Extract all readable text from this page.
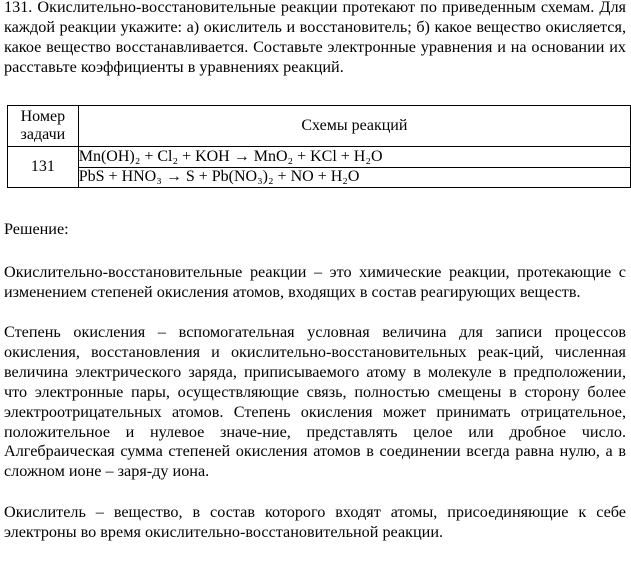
131. Окислительно-восстановительные реакции протекают по приведенным схемам. Для каждой реакции укажите: а) окислитель и восстановитель; б) какое вещество окисляется, какое вещество восстанавливается. Составьте электронные уравнения и на основании их расставьте коэффициенты в уравнениях реакций.

Номер задачи	Схемы реакций
131	Mn(OH)₂ + Cl₂ + KOH → MnO₂ + KCl + H₂O
	PbS + HNO₃ → S + Pb(NO₃)₂ + NO + H₂O

Решение:

Окислительно-восстановительные реакции – это химические реакции, протекающие с изменением степеней окисления атомов, входящих в состав реагирующих веществ.

Степень окисления – вспомогательная условная величина для записи процессов окисления, восстановления и окислительно-восстановительных реак-ций, численная величина электрического заряда, приписываемого атому в молекуле в предположении, что электронные пары, осуществляющие связь, полностью смещены в сторону более электроотрицательных атомов. Степень окисления может принимать отрицательное, положительное и нулевое значе-ние, представлять целое или дробное число. Алгебраическая сумма степеней окисления атомов в соединении всегда равна нулю, а в сложном ионе – заря-ду иона.

Окислитель – вещество, в состав которого входят атомы, присоединяющие к себе электроны во время окислительно-восстановительной реакции.
